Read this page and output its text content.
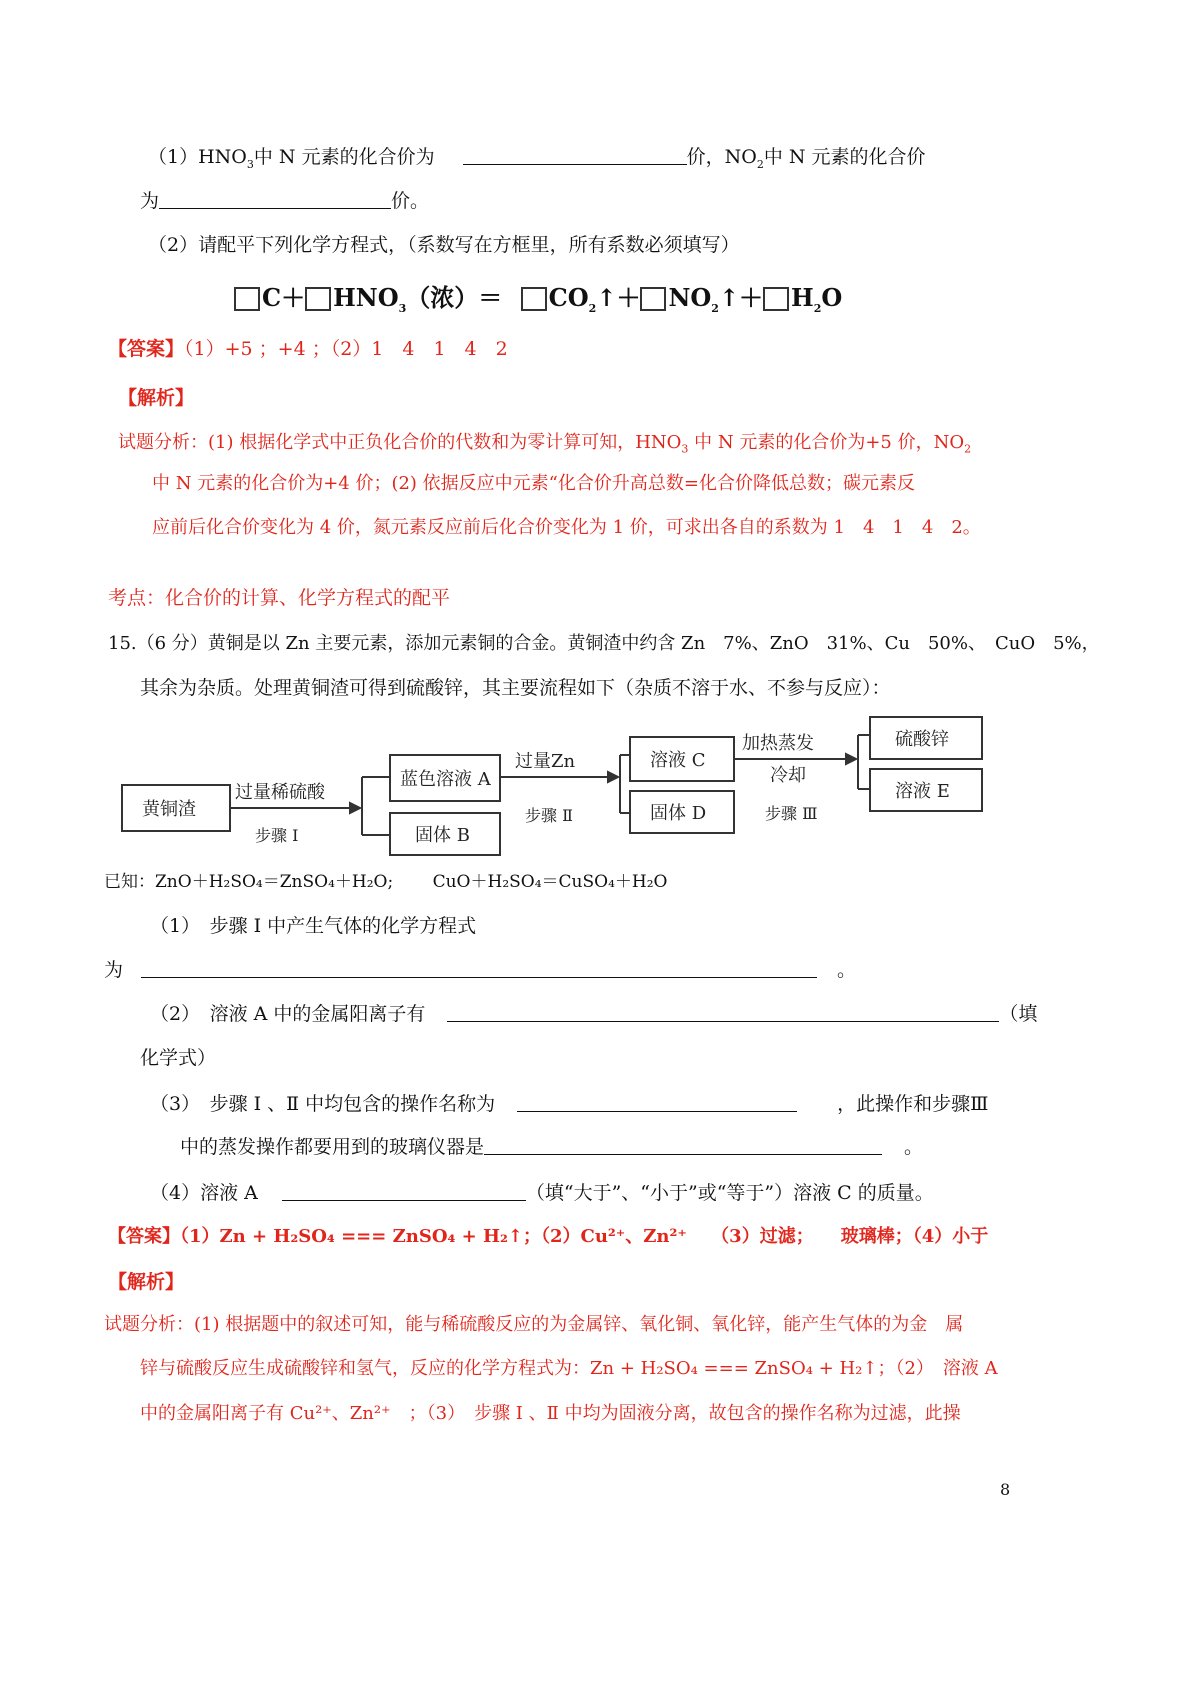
$(1)HNO_3$中 N 元素的化合价为	价，$NO_2$中 N 元素的化合价
为	价。
（2）请配平下列化学方程式，（系数写在方框里，所有系数必须填写）
$C+ HNO_3$（浓）＝ $CO_2↑+$ $NO_2↑+ H_2O$
【答案】（1）+5 ；+4 ；（2）1　4　1　4　2
【解析】
试题分析：(1) 根据化学式中正负化合价的代数和为零计算可知，$HNO_3$ 中 N 元素的化合价为+5 价，$NO_2$
中 N 元素的化合价为+4 价；(2) 依据反应中元素“化合价升高总数=化合价降低总数；碳元素反
应前后化合价变化为 4 价，氮元素反应前后化合价变化为 1 价，可求出各自的系数为 1　4　1　4　2。
考点：化合价的计算、化学方程式的配平
15.（6 分）黄铜是以 Zn 主要元素，添加元素铜的合金。黄铜渣中约含 Zn　7%、ZnO　31%、Cu　50%、　CuO　5%，
其余为杂质。处理黄铜渣可得到硫酸锌，其主要流程如下（杂质不溶于水、不参与反应）：
黄铜渣
过量稀硫酸
步骤 Ⅰ
蓝色溶液 A
固体 B
过量Zn
步骤 Ⅱ
溶液 C
固体 D
加热蒸发
冷却
步骤 Ⅲ
硫酸锌
溶液 E
已知：ZnO＋H₂SO₄＝ZnSO₄＋H₂O;　　 CuO＋H₂SO₄＝CuSO₄＋H₂O
（1）　步骤 Ⅰ 中产生气体的化学方程式
为	。
（2）　溶液 A 中的金属阳离子有	（填
化学式）
（3）　步骤 Ⅰ 、Ⅱ 中均包含的操作名称为	，此操作和步骤Ⅲ
中的蒸发操作都要用到的玻璃仪器是	。
（4）溶液 A	（填“大于”、“小于”或“等于”）溶液 C 的质量。
【答案】（1）Zn + H₂SO₄ === ZnSO₄ + H₂↑；（2）Cu²⁺、Zn²⁺　 （3）过滤；　　玻璃棒；（4）小于
【解析】
试题分析：(1) 根据题中的叙述可知，能与稀硫酸反应的为金属锌、氧化铜、氧化锌，能产生气体的为金　属
锌与硫酸反应生成硫酸锌和氢气，反应的化学方程式为：Zn + H₂SO₄ === ZnSO₄ + H₂↑；（2）　溶液 A
中的金属阳离子有 Cu²⁺、Zn²⁺　；（3）　步骤 Ⅰ 、Ⅱ 中均为固液分离，故包含的操作名称为过滤，此操
8
